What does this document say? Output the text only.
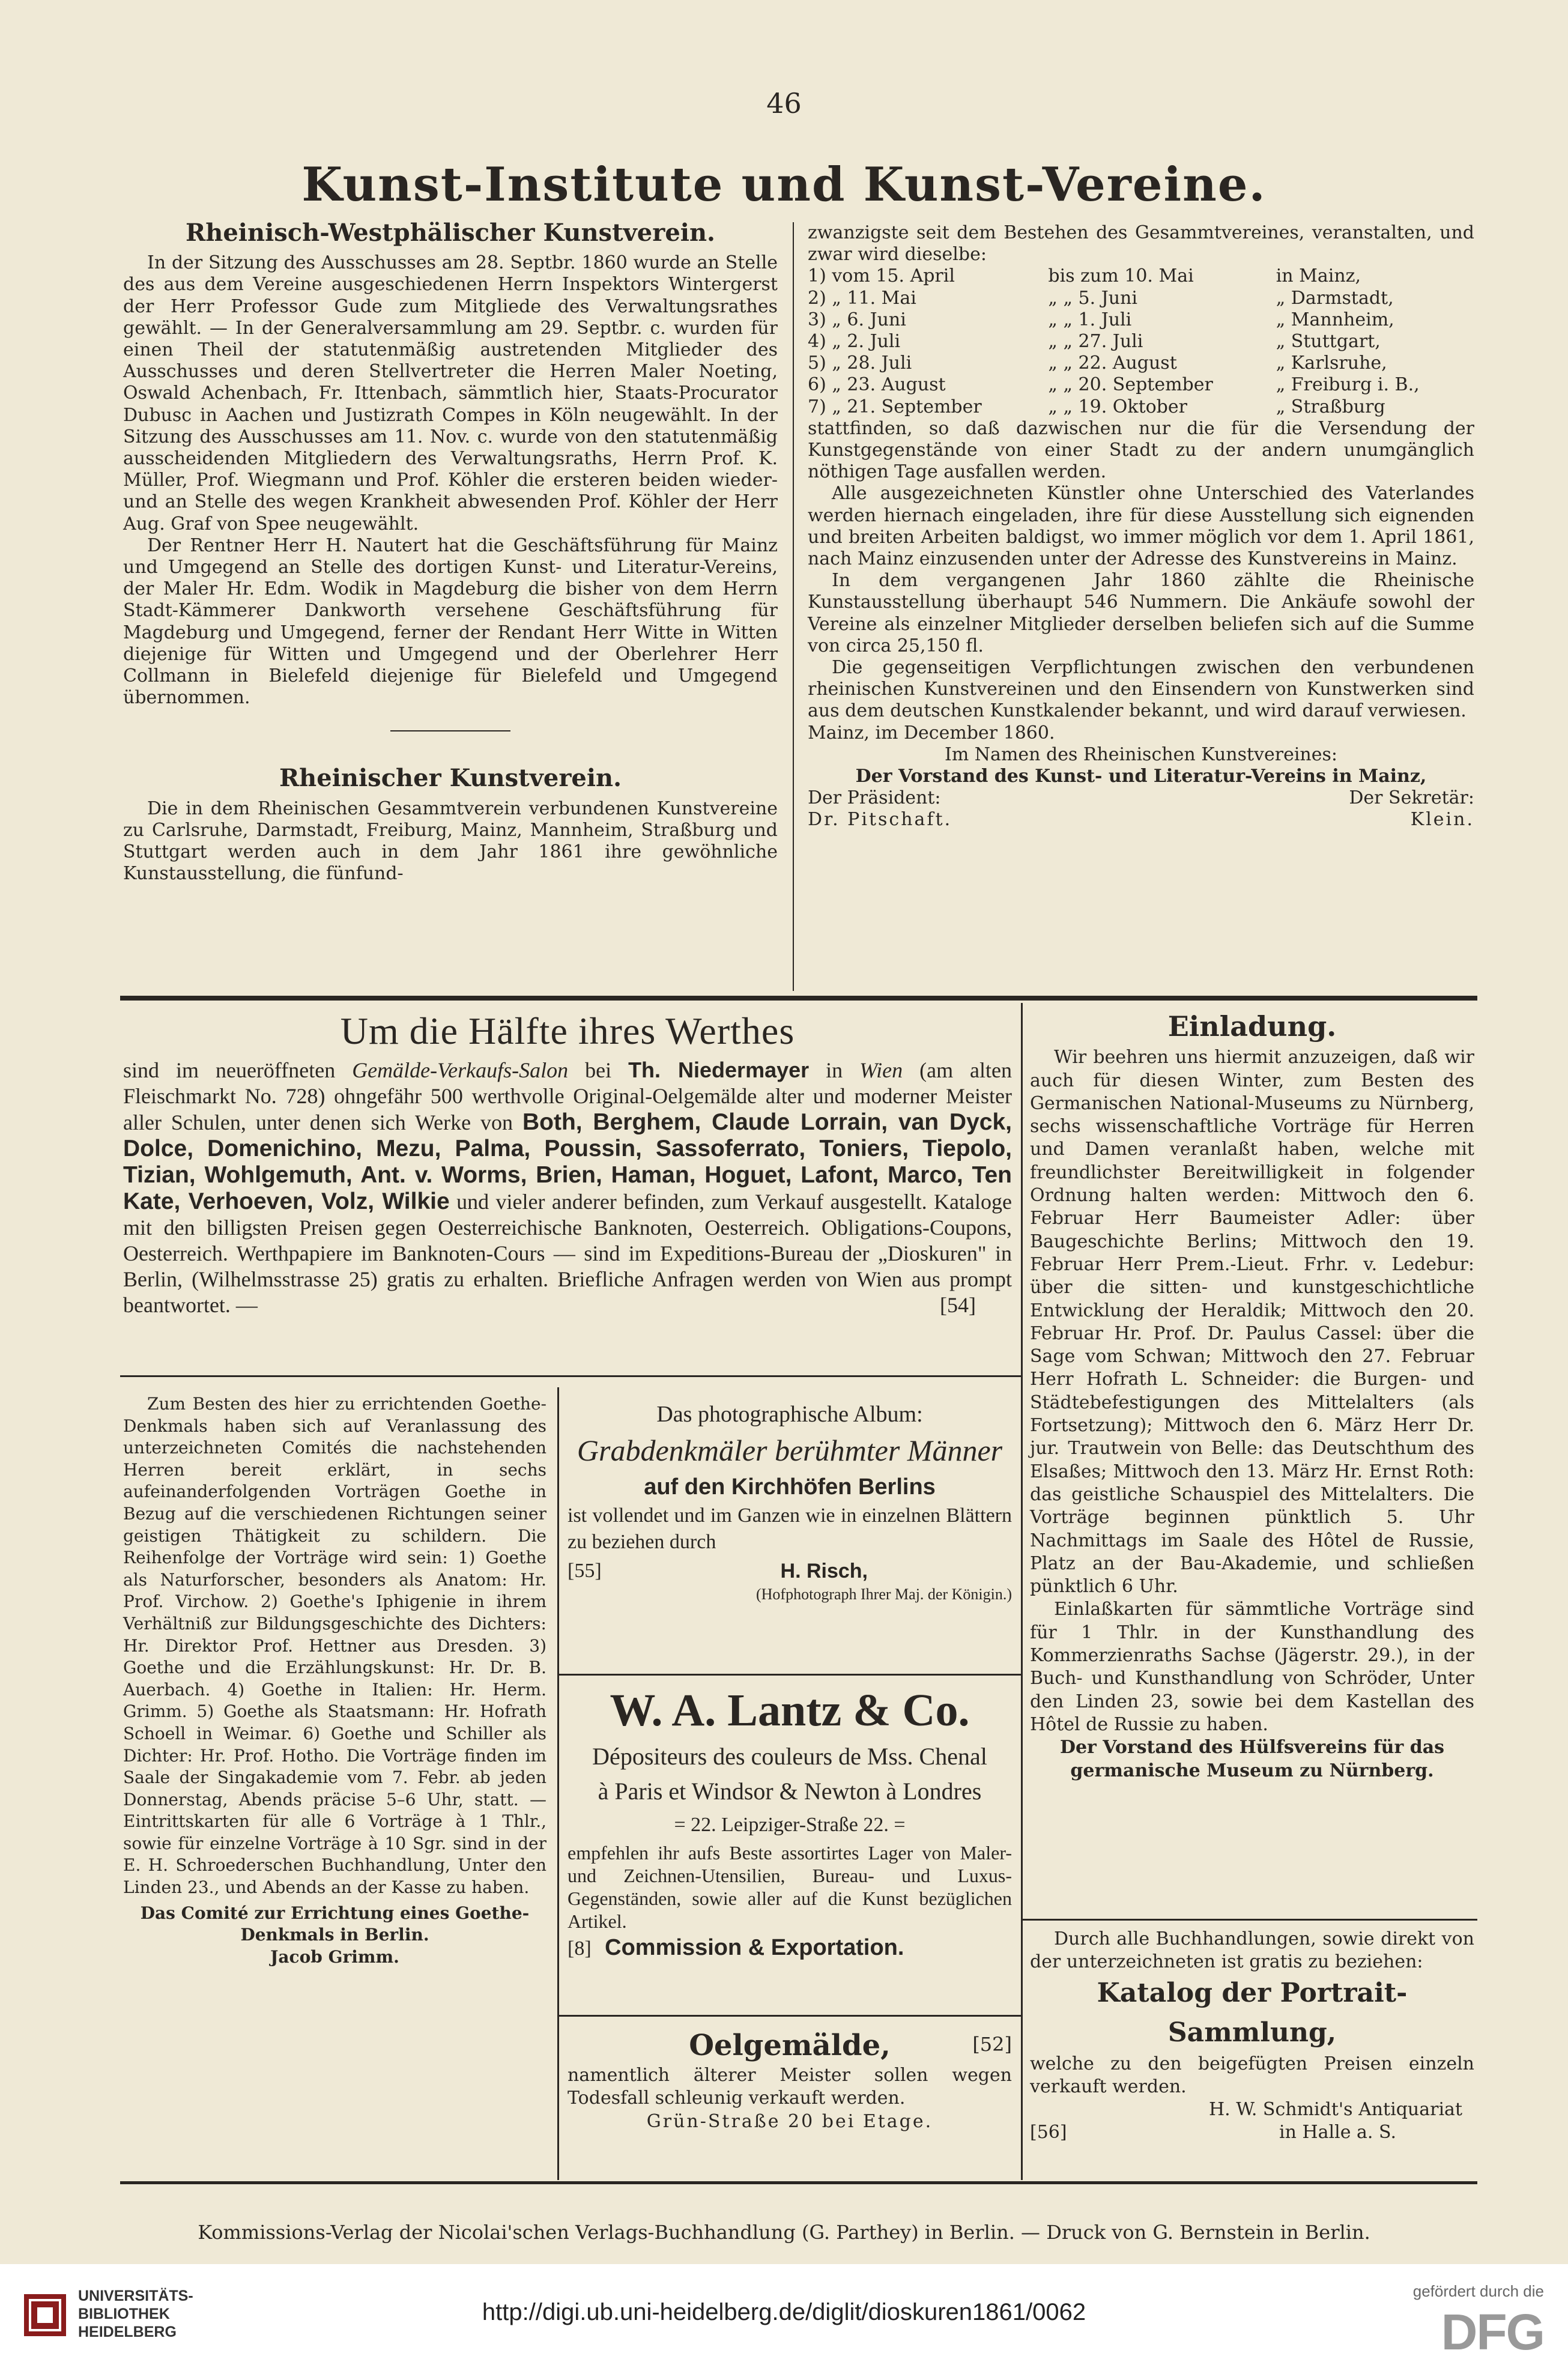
46
Kunst-Institute und Kunst-Vereine.
Rheinisch-Westphälischer Kunstverein.

In der Sitzung des Ausschusses am 28. Septbr. 1860 wurde an Stelle des aus dem Vereine ausgeschiedenen Herrn Inspektors Wintergerst der Herr Professor Gude zum Mitgliede des Verwaltungsrathes gewählt. — In der Generalversammlung am 29. Septbr. c. wurden für einen Theil der statutenmäßig austretenden Mitglieder des Ausschusses und deren Stellvertreter die Herren Maler Noeting, Oswald Achenbach, Fr. Ittenbach, sämmtlich hier, Staats-Procurator Dubusc in Aachen und Justizrath Compes in Köln neugewählt. In der Sitzung des Ausschusses am 11. Nov. c. wurde von den statutenmäßig ausscheidenden Mitgliedern des Verwaltungsraths, Herrn Prof. K. Müller, Prof. Wiegmann und Prof. Köhler die ersteren beiden wieder- und an Stelle des wegen Krankheit abwesenden Prof. Köhler der Herr Aug. Graf von Spee neugewählt.

Der Rentner Herr H. Nautert hat die Geschäftsführung für Mainz und Umgegend an Stelle des dortigen Kunst- und Literatur-Vereins, der Maler Hr. Edm. Wodik in Magdeburg die bisher von dem Herrn Stadt-Kämmerer Dankworth versehene Geschäftsführung für Magdeburg und Umgegend, ferner der Rendant Herr Witte in Witten diejenige für Witten und Umgegend und der Oberlehrer Herr Collmann in Bielefeld diejenige für Bielefeld und Umgegend übernommen.

Rheinischer Kunstverein.

Die in dem Rheinischen Gesammtverein verbundenen Kunstvereine zu Carlsruhe, Darmstadt, Freiburg, Mainz, Mannheim, Straßburg und Stuttgart werden auch in dem Jahr 1861 ihre gewöhnliche Kunstausstellung, die fünfund-

zwanzigste seit dem Bestehen des Gesammtvereines, veranstalten, und zwar wird dieselbe:

1) vom 15. April	bis zum 10. Mai	in Mainz,
2) „ 11. Mai	„ „ 5. Juni	„ Darmstadt,
3) „ 6. Juni	„ „ 1. Juli	„ Mannheim,
4) „ 2. Juli	„ „ 27. Juli	„ Stuttgart,
5) „ 28. Juli	„ „ 22. August	„ Karlsruhe,
6) „ 23. August	„ „ 20. September	„ Freiburg i. B.,
7) „ 21. September	„ „ 19. Oktober	„ Straßburg

stattfinden, so daß dazwischen nur die für die Versendung der Kunstgegenstände von einer Stadt zu der andern unumgänglich nöthigen Tage ausfallen werden.

Alle ausgezeichneten Künstler ohne Unterschied des Vaterlandes werden hiernach eingeladen, ihre für diese Ausstellung sich eignenden und breiten Arbeiten baldigst, wo immer möglich vor dem 1. April 1861, nach Mainz einzusenden unter der Adresse des Kunstvereins in Mainz.

In dem vergangenen Jahr 1860 zählte die Rheinische Kunstausstellung überhaupt 546 Nummern. Die Ankäufe sowohl der Vereine als einzelner Mitglieder derselben beliefen sich auf die Summe von circa 25,150 fl.

Die gegenseitigen Verpflichtungen zwischen den verbundenen rheinischen Kunstvereinen und den Einsendern von Kunstwerken sind aus dem deutschen Kunstkalender bekannt, und wird darauf verwiesen.

Mainz, im December 1860.

Im Namen des Rheinischen Kunstvereines:

Der Vorstand des Kunst- und Literatur-Vereins in Mainz,

Der Präsident:	Der Sekretär:
Dr. Pitschaft.	Klein.
Um die Hälfte ihres Werthes
sind im neueröffneten Gemälde-Verkaufs-Salon bei Th. Niedermayer in Wien (am alten Fleischmarkt No. 728) ohngefähr 500 werthvolle Original-Oelgemälde alter und moderner Meister aller Schulen, unter denen sich Werke von Both, Berghem, Claude Lorrain, van Dyck, Dolce, Domenichino, Mezu, Palma, Poussin, Sassoferrato, Toniers, Tiepolo, Tizian, Wohlgemuth, Ant. v. Worms, Brien, Haman, Hoguet, Lafont, Marco, Ten Kate, Verhoeven, Volz, Wilkie und vieler anderer befinden, zum Verkauf ausgestellt. Kataloge mit den billigsten Preisen gegen Oesterreichische Banknoten, Oesterreich. Obligations-Coupons, Oesterreich. Werthpapiere im Banknoten-Cours — sind im Expeditions-Bureau der „Dioskuren" in Berlin, (Wilhelmsstrasse 25) gratis zu erhalten. Briefliche Anfragen werden von Wien aus prompt beantwortet. —	[54]
Einladung.

Wir beehren uns hiermit anzuzeigen, daß wir auch für diesen Winter, zum Besten des Germanischen National-Museums zu Nürnberg, sechs wissenschaftliche Vorträge für Herren und Damen veranlaßt haben, welche mit freundlichster Bereitwilligkeit in folgender Ordnung halten werden: Mittwoch den 6. Februar Herr Baumeister Adler: über Baugeschichte Berlins; Mittwoch den 19. Februar Herr Prem.-Lieut. Frhr. v. Ledebur: über die sitten- und kunstgeschichtliche Entwicklung der Heraldik; Mittwoch den 20. Februar Hr. Prof. Dr. Paulus Cassel: über die Sage vom Schwan; Mittwoch den 27. Februar Herr Hofrath L. Schneider: die Burgen- und Städtebefestigungen des Mittelalters (als Fortsetzung); Mittwoch den 6. März Herr Dr. jur. Trautwein von Belle: das Deutschthum des Elsaßes; Mittwoch den 13. März Hr. Ernst Roth: das geistliche Schauspiel des Mittelalters. Die Vorträge beginnen pünktlich 5. Uhr Nachmittags im Saale des Hôtel de Russie, Platz an der Bau-Akademie, und schließen pünktlich 6 Uhr.

Einlaßkarten für sämmtliche Vorträge sind für 1 Thlr. in der Kunsthandlung des Kommerzienraths Sachse (Jägerstr. 29.), in der Buch- und Kunsthandlung von Schröder, Unter den Linden 23, sowie bei dem Kastellan des Hôtel de Russie zu haben.

Der Vorstand des Hülfsvereins für das germanische Museum zu Nürnberg.

Zum Besten des hier zu errichtenden Goethe-Denkmals haben sich auf Veranlassung des unterzeichneten Comités die nachstehenden Herren bereit erklärt, in sechs aufeinanderfolgenden Vorträgen Goethe in Bezug auf die verschiedenen Richtungen seiner geistigen Thätigkeit zu schildern. Die Reihenfolge der Vorträge wird sein: 1) Goethe als Naturforscher, besonders als Anatom: Hr. Prof. Virchow. 2) Goethe's Iphigenie in ihrem Verhältniß zur Bildungsgeschichte des Dichters: Hr. Direktor Prof. Hettner aus Dresden. 3) Goethe und die Erzählungskunst: Hr. Dr. B. Auerbach. 4) Goethe in Italien: Hr. Herm. Grimm. 5) Goethe als Staatsmann: Hr. Hofrath Schoell in Weimar. 6) Goethe und Schiller als Dichter: Hr. Prof. Hotho. Die Vorträge finden im Saale der Singakademie vom 7. Febr. ab jeden Donnerstag, Abends präcise 5–6 Uhr, statt. — Eintrittskarten für alle 6 Vorträge à 1 Thlr., sowie für einzelne Vorträge à 10 Sgr. sind in der E. H. Schroederschen Buchhandlung, Unter den Linden 23., und Abends an der Kasse zu haben.

Das Comité zur Errichtung eines Goethe-Denkmals in Berlin.

Jacob Grimm.

Das photographische Album:
Grabdenkmäler berühmter Männer
auf den Kirchhöfen Berlins
ist vollendet und im Ganzen wie in einzelnen Blättern zu beziehen durch
[55]	H. Risch,
(Hofphotograph Ihrer Maj. der Königin.)
W. A. Lantz & Co.
Dépositeurs des couleurs de Mss. Chenal
à Paris et Windsor & Newton à Londres
= 22. Leipziger-Straße 22. =
empfehlen ihr aufs Beste assortirtes Lager von Maler- und Zeichnen-Utensilien, Bureau- und Luxus-Gegenständen, sowie aller auf die Kunst bezüglichen Artikel.
[8] Commission & Exportation.
Oelgemälde,	[52]
namentlich älterer Meister sollen wegen Todesfall schleunig verkauft werden.
Grün-Straße 20 bei Etage.
Durch alle Buchhandlungen, sowie direkt von der unterzeichneten ist gratis zu beziehen:
Katalog der Portrait-Sammlung,
welche zu den beigefügten Preisen einzeln verkauft werden.
H. W. Schmidt's Antiquariat
[56]	in Halle a. S.
Kommissions-Verlag der Nicolai'schen Verlags-Buchhandlung (G. Parthey) in Berlin. — Druck von G. Bernstein in Berlin.
UNIVERSITÄTS-
BIBLIOTHEK
HEIDELBERG
http://digi.ub.uni-heidelberg.de/diglit/dioskuren1861/0062
gefördert durch die
DFG
